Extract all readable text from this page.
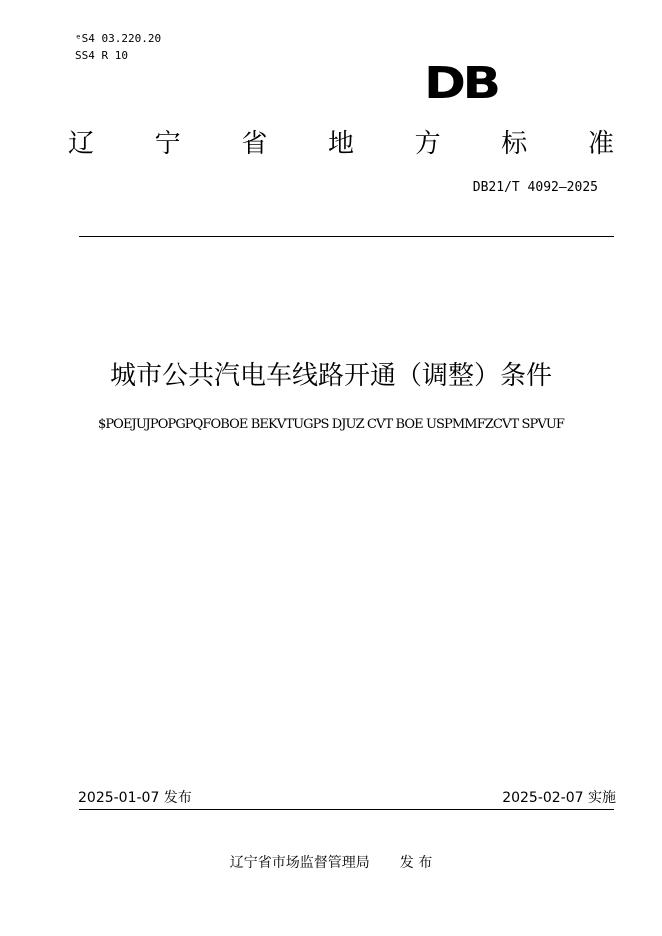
ᵉS4 03.220.20
SS4 R 10
DB
辽 宁 省 地 方 标 准
DB21/T 4092—2025
城市公共汽电车线路开通（调整）条件
$POEJUJPOPGPQFOBOE BEKVTUGPS DJUZ CVT BOE USPMMFZCVT SPVUF
2025-01-07 发布	2025-02-07 实施
辽宁省市场监督管理局 发 布
